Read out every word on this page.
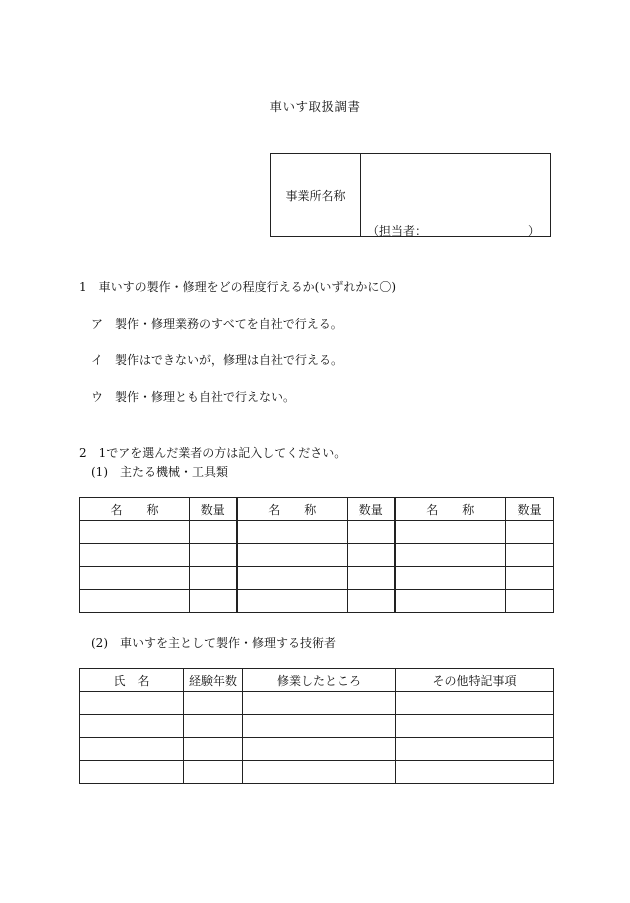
車いす取扱調書
事業所名称
（担当者：	）
1　車いすの製作・修理をどの程度行えるか(いずれかに〇)
ア　製作・修理業務のすべてを自社で行える。
イ　製作はできないが，修理は自社で行える。
ウ　製作・修理とも自社で行えない。
2　1でアを選んだ業者の方は記入してください。
(1)　主たる機械・工具類
名　　称	数量	名　　称	数量	名　　称	数量

(2)　車いすを主として製作・修理する技術者
氏　名	経験年数	修業したところ	その他特記事項
